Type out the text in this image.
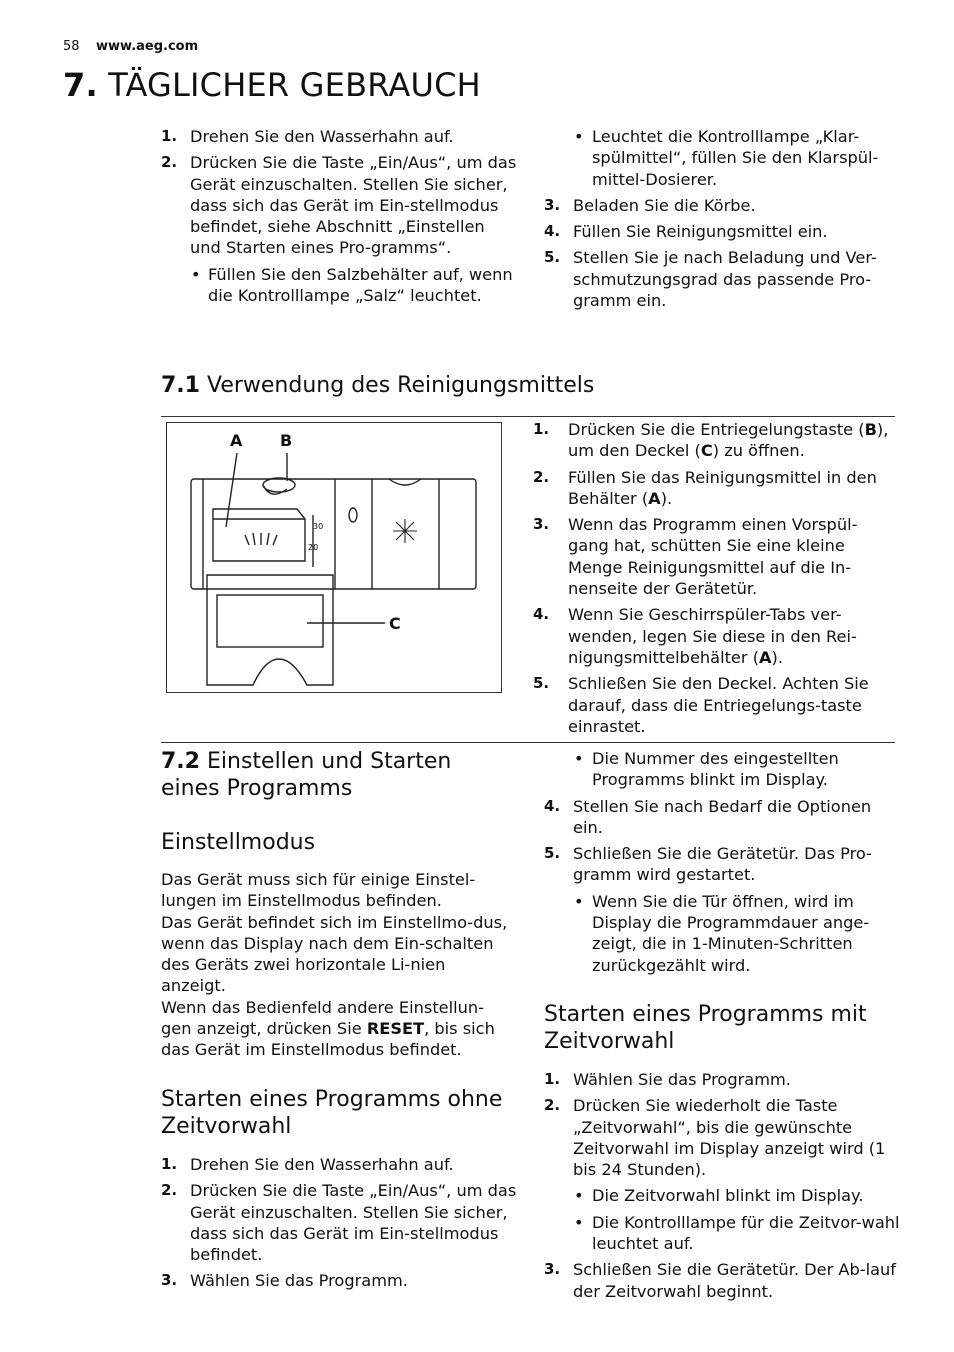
58 www.aeg.com
7. TÄGLICHER GEBRAUCH
1. Drehen Sie den Wasserhahn auf.
2. Drücken Sie die Taste „Ein/Aus“, um das Gerät einzuschalten. Stellen Sie sicher, dass sich das Gerät im Ein-stellmodus befindet, siehe Abschnitt „Einstellen und Starten eines Pro-gramms“.
• Füllen Sie den Salzbehälter auf, wenn die Kontrolllampe „Salz“ leuchtet.
• Leuchtet die Kontrolllampe „Klar-spülmittel“, füllen Sie den Klarspül-mittel-Dosierer.
3. Beladen Sie die Körbe.
4. Füllen Sie Reinigungsmittel ein.
5. Stellen Sie je nach Beladung und Ver-schmutzungsgrad das passende Pro-gramm ein.
7.1 Verwendung des Reinigungsmittels
A B
C
30
20
1. Drücken Sie die Entriegelungstaste (B), um den Deckel (C) zu öffnen.
2. Füllen Sie das Reinigungsmittel in den Behälter (A).
3. Wenn das Programm einen Vorspül-gang hat, schütten Sie eine kleine Menge Reinigungsmittel auf die In-nenseite der Gerätetür.
4. Wenn Sie Geschirrspüler-Tabs ver-wenden, legen Sie diese in den Rei-nigungsmittelbehälter (A).
5. Schließen Sie den Deckel. Achten Sie darauf, dass die Entriegelungs-taste einrastet.
7.2 Einstellen und Starten
eines Programms
Einstellmodus
Das Gerät muss sich für einige Einstel-lungen im Einstellmodus befinden.
Das Gerät befindet sich im Einstellmo-dus, wenn das Display nach dem Ein-schalten des Geräts zwei horizontale Li-nien anzeigt.
Wenn das Bedienfeld andere Einstellun-gen anzeigt, drücken Sie RESET, bis sich das Gerät im Einstellmodus befindet.
Starten eines Programms ohne
Zeitvorwahl
1. Drehen Sie den Wasserhahn auf.
2. Drücken Sie die Taste „Ein/Aus“, um das Gerät einzuschalten. Stellen Sie sicher, dass sich das Gerät im Ein-stellmodus befindet.
3. Wählen Sie das Programm.
• Die Nummer des eingestellten Programms blinkt im Display.
4. Stellen Sie nach Bedarf die Optionen ein.
5. Schließen Sie die Gerätetür. Das Pro-gramm wird gestartet.
• Wenn Sie die Tür öffnen, wird im Display die Programmdauer ange-zeigt, die in 1-Minuten-Schritten zurückgezählt wird.
Starten eines Programms mit
Zeitvorwahl
1. Wählen Sie das Programm.
2. Drücken Sie wiederholt die Taste „Zeitvorwahl“, bis die gewünschte Zeitvorwahl im Display anzeigt wird (1 bis 24 Stunden).
• Die Zeitvorwahl blinkt im Display.
• Die Kontrolllampe für die Zeitvor-wahl leuchtet auf.
3. Schließen Sie die Gerätetür. Der Ab-lauf der Zeitvorwahl beginnt.
